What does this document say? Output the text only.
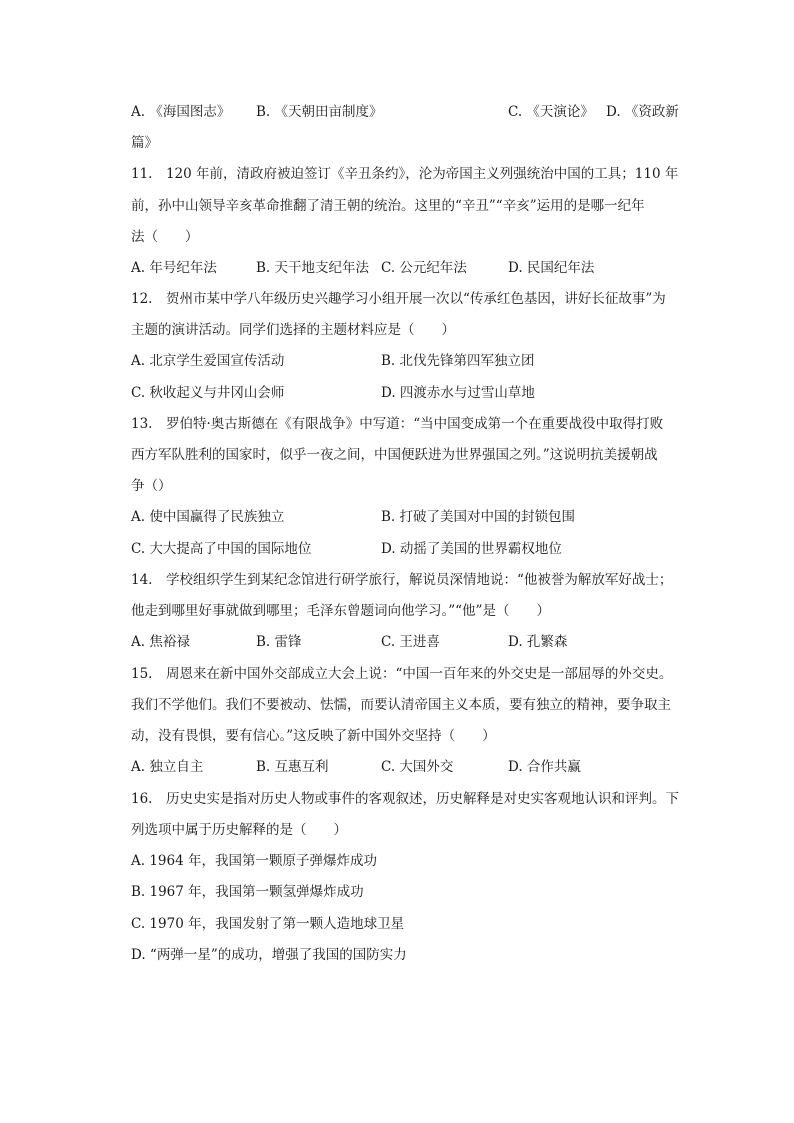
A. 《海国图志》 B. 《天朝田亩制度》	C. 《天演论》 D. 《资政新
篇》
11.　120 年前，清政府被迫签订《辛丑条约》，沦为帝国主义列强统治中国的工具；110 年
前，孙中山领导辛亥革命推翻了清王朝的统治。这里的“辛丑”“辛亥”运用的是哪一纪年
法（　　）
A. 年号纪年法	B. 天干地支纪年法 C. 公元纪年法	D. 民国纪年法
12.　贺州市某中学八年级历史兴趣学习小组开展一次以“传承红色基因，讲好长征故事”为
主题的演讲活动。同学们选择的主题材料应是（　　）
A. 北京学生爱国宣传活动	B. 北伐先锋第四军独立团
C. 秋收起义与井冈山会师	D. 四渡赤水与过雪山草地
13.　罗伯特·奥古斯德在《有限战争》中写道：“当中国变成第一个在重要战役中取得打败
西方军队胜利的国家时，似乎一夜之间，中国便跃进为世界强国之列。”这说明抗美援朝战
争（）
A. 使中国赢得了民族独立	B. 打破了美国对中国的封锁包围
C. 大大提高了中国的国际地位	D. 动摇了美国的世界霸权地位
14.　学校组织学生到某纪念馆进行研学旅行，解说员深情地说：“他被誉为解放军好战士；
他走到哪里好事就做到哪里；毛泽东曾题词向他学习。”“他”是（　　）
A. 焦裕禄	B. 雷锋	C. 王进喜	D. 孔繁森
15.　周恩来在新中国外交部成立大会上说：“中国一百年来的外交史是一部屈辱的外交史。
我们不学他们。我们不要被动、怯懦，而要认清帝国主义本质，要有独立的精神，要争取主
动，没有畏惧，要有信心。”这反映了新中国外交坚持（　　）
A. 独立自主	B. 互惠互利	C. 大国外交	D. 合作共赢
16.　历史史实是指对历史人物或事件的客观叙述，历史解释是对史实客观地认识和评判。下
列选项中属于历史解释的是（　　）
A. 1964 年，我国第一颗原子弹爆炸成功
B. 1967 年，我国第一颗氢弹爆炸成功
C. 1970 年，我国发射了第一颗人造地球卫星
D. “两弹一星”的成功，增强了我国的国防实力
